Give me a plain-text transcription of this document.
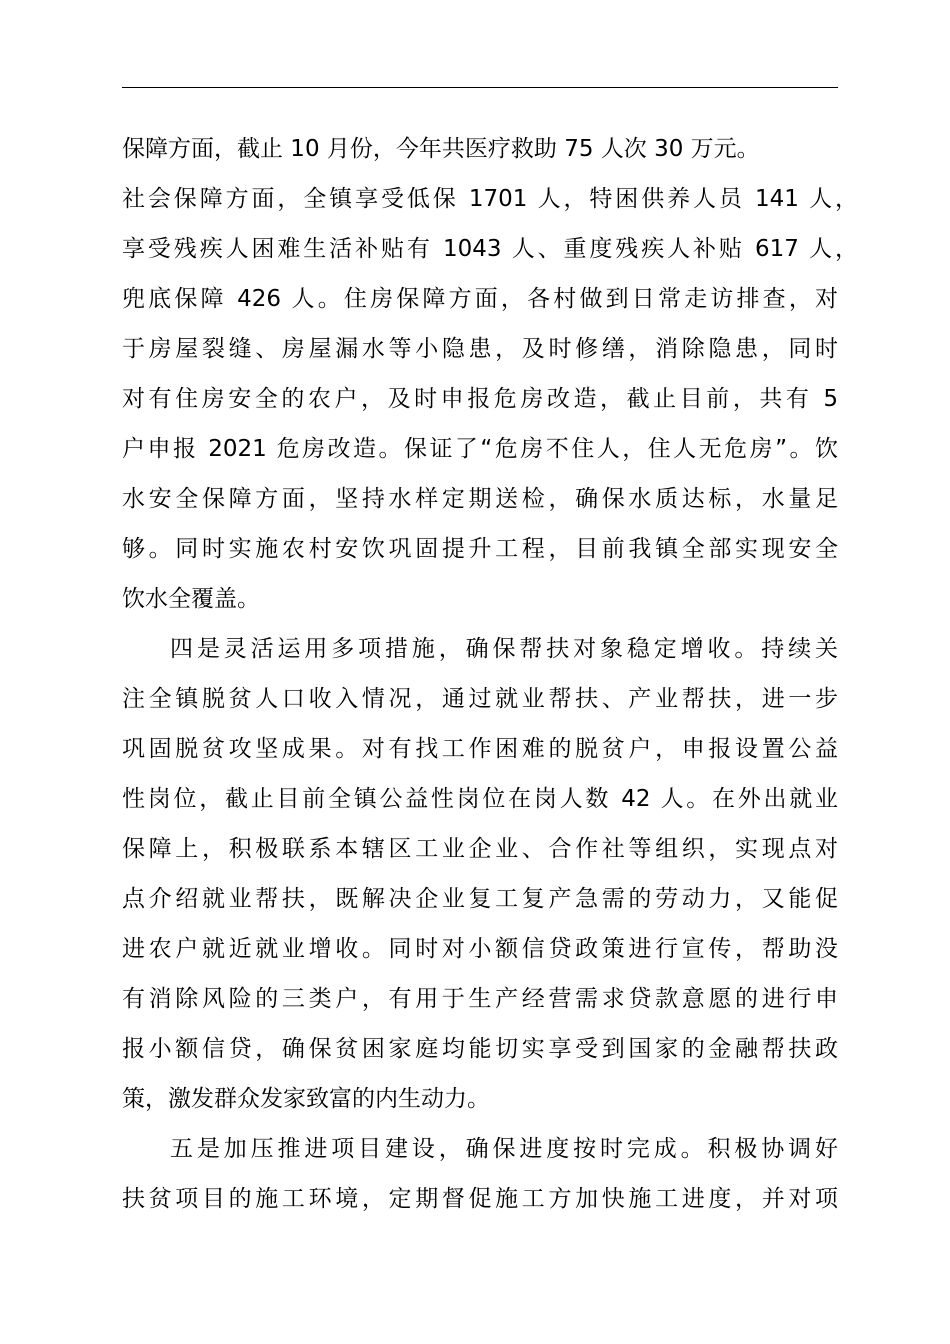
保障方面，截止 10 月份，今年共医疗救助 75 人次 30 万元。
社会保障方面，全镇享受低保 1701 人，特困供养人员 141 人，
享受残疾人困难生活补贴有 1043 人、重度残疾人补贴 617 人，
兜底保障 426 人。住房保障方面，各村做到日常走访排查，对
于房屋裂缝、房屋漏水等小隐患，及时修缮，消除隐患，同时
对有住房安全的农户，及时申报危房改造，截止目前，共有 5
户申报 2021 危房改造。保证了“危房不住人，住人无危房”。饮
水安全保障方面，坚持水样定期送检，确保水质达标，水量足
够。同时实施农村安饮巩固提升工程，目前我镇全部实现安全
饮水全覆盖。
四是灵活运用多项措施，确保帮扶对象稳定增收。持续关
注全镇脱贫人口收入情况，通过就业帮扶、产业帮扶，进一步
巩固脱贫攻坚成果。对有找工作困难的脱贫户，申报设置公益
性岗位，截止目前全镇公益性岗位在岗人数 42 人。在外出就业
保障上，积极联系本辖区工业企业、合作社等组织，实现点对
点介绍就业帮扶，既解决企业复工复产急需的劳动力，又能促
进农户就近就业增收。同时对小额信贷政策进行宣传，帮助没
有消除风险的三类户，有用于生产经营需求贷款意愿的进行申
报小额信贷，确保贫困家庭均能切实享受到国家的金融帮扶政
策，激发群众发家致富的内生动力。
五是加压推进项目建设，确保进度按时完成。积极协调好
扶贫项目的施工环境，定期督促施工方加快施工进度，并对项
